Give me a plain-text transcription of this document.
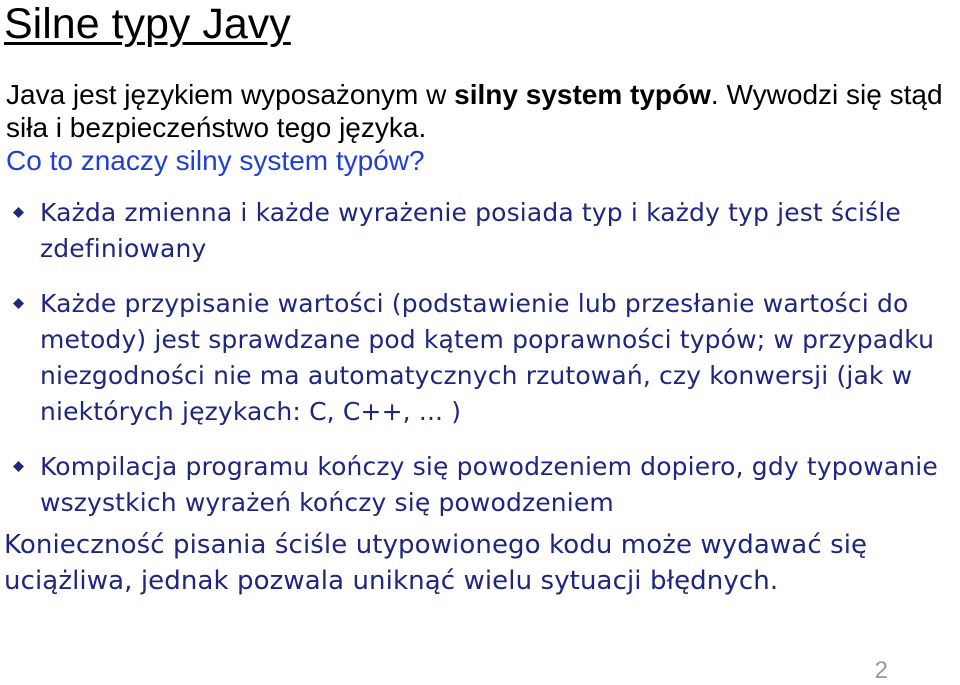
Silne typy Javy

Java jest językiem wyposażonym w silny system typów. Wywodzi się stąd siła i bezpieczeństwo tego języka.
Co to znaczy silny system typów?

Każda zmienna i każde wyrażenie posiada typ i każdy typ jest ściśle zdefiniowany
Każde przypisanie wartości (podstawienie lub przesłanie wartości do metody) jest sprawdzane pod kątem poprawności typów; w przypadku niezgodności nie ma automatycznych rzutowań, czy konwersji (jak w niektórych językach: C, C++, ... )
Kompilacja programu kończy się powodzeniem dopiero, gdy typowanie wszystkich wyrażeń kończy się powodzeniem

Konieczność pisania ściśle utypowionego kodu może wydawać się uciążliwa, jednak pozwala uniknąć wielu sytuacji błędnych.

2
